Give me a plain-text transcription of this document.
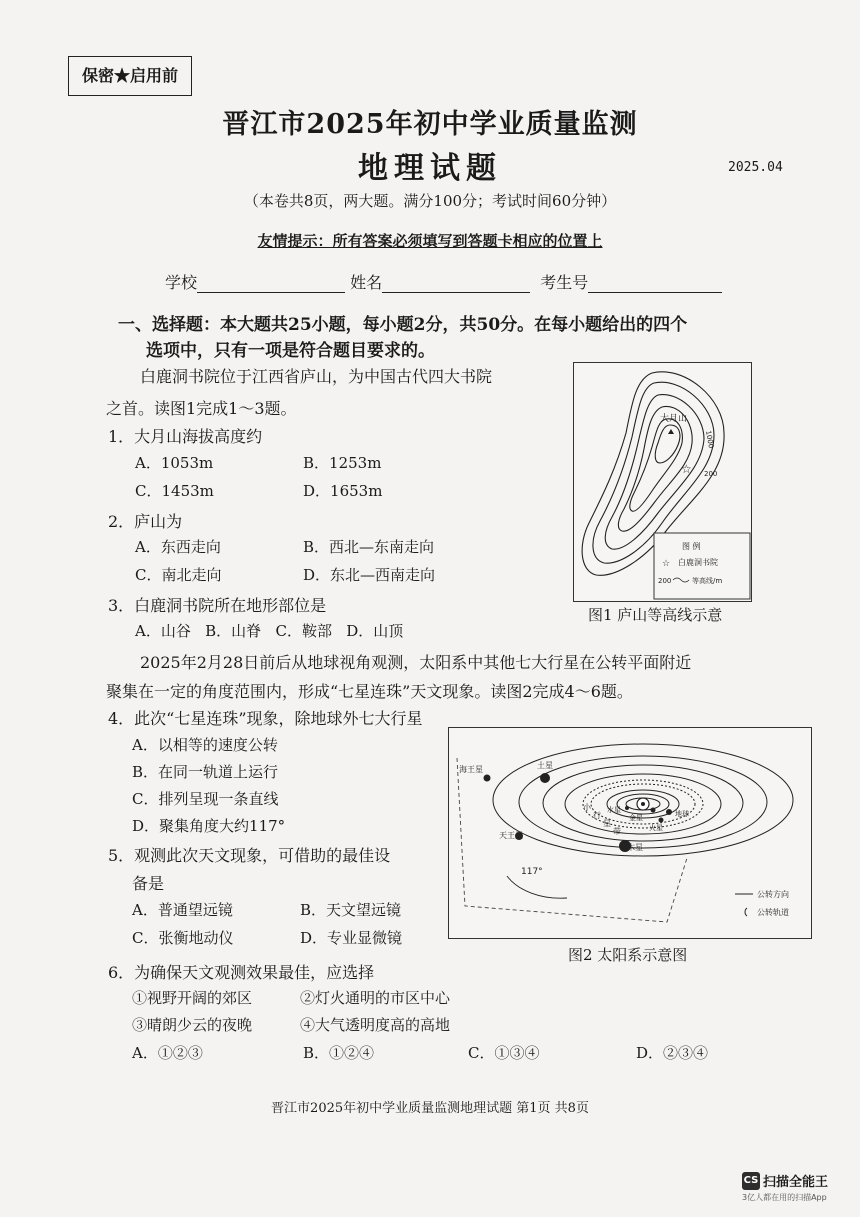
保密★启用前
晋江市2025年初中学业质量监测
地理试题	2025.04
（本卷共8页，两大题。满分100分；考试时间60分钟）
友情提示：所有答案必须填写到答题卡相应的位置上
学校	姓名	考生号
一、选择题：本大题共25小题，每小题2分，共50分。在每小题给出的四个
选项中，只有一项是符合题目要求的。
白鹿洞书院位于江西省庐山，为中国古代四大书院
之首。读图1完成1～3题。
1．大月山海拔高度约
A．1053m	B．1253m
C．1453m	D．1653m
2．庐山为
A．东西走向	B．西北—东南走向
C．南北走向	D．东北—西南走向
3．白鹿洞书院所在地形部位是
A．山谷   B．山脊   C．鞍部   D．山顶
大月山
1000
200
☆
图 例
☆ 白鹿洞书院
200	等高线/m
图1 庐山等高线示意
2025年2月28日前后从地球视角观测，太阳系中其他七大行星在公转平面附近
聚集在一定的角度范围内，形成“七星连珠”天文现象。读图2完成4～6题。
4．此次“七星连珠”现象，除地球外七大行星
A．以相等的速度公转
B．在同一轨道上运行
C．排列呈现一条直线
D．聚集角度大约117°
5．观测此次天文现象，可借助的最佳设
备是
A．普通望远镜	B．天文望远镜
C．张衡地动仪	D．专业显微镜
海王星	土星
水星
金星	地球
火星
天王星
木星
小
行
星
带
117°
公转方向
公转轨道
图2 太阳系示意图
6．为确保天文观测效果最佳，应选择
①视野开阔的郊区	②灯火通明的市区中心
③晴朗少云的夜晚	④大气透明度高的高地
A．①②③	B．①②④	C．①③④	D．②③④
晋江市2025年初中学业质量监测地理试题 第1页 共8页
CS 扫描全能王
3亿人都在用的扫描App
